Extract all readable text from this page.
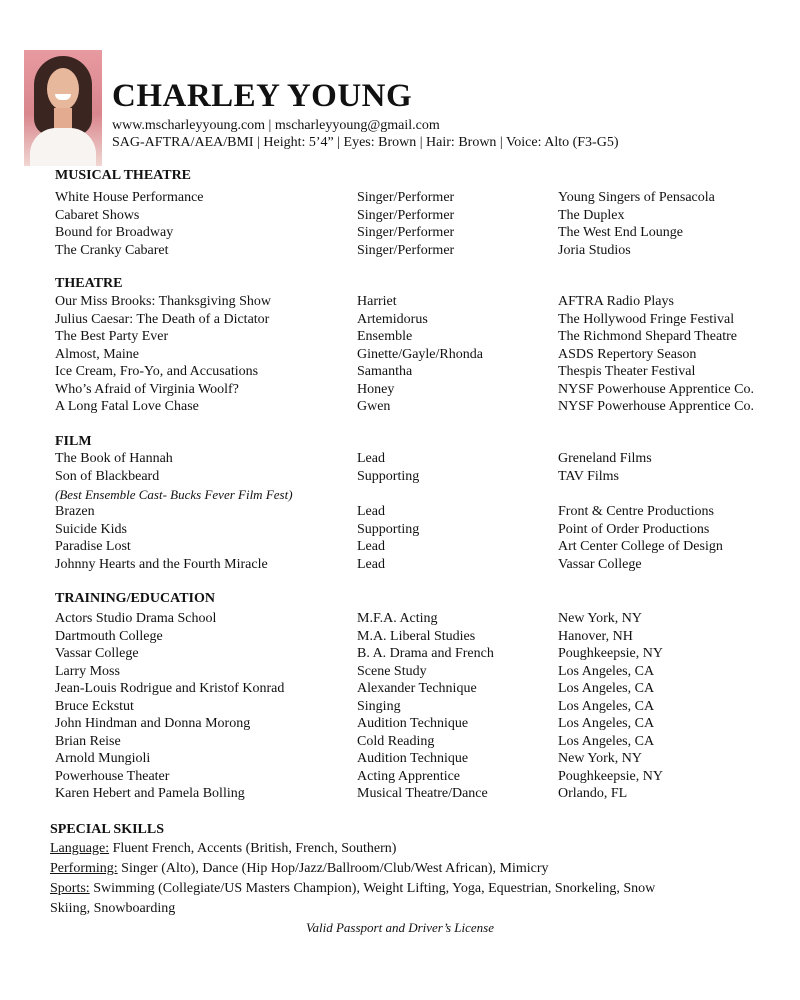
CHARLEY YOUNG
www.mscharleyyoung.com | mscharleyyoung@gmail.com
SAG-AFTRA/AEA/BMI | Height: 5’4” | Eyes: Brown | Hair: Brown | Voice: Alto (F3-G5)
MUSICAL THEATRE
White House Performance	Singer/Performer	Young Singers of Pensacola
Cabaret Shows	Singer/Performer	The Duplex
Bound for Broadway	Singer/Performer	The West End Lounge
The Cranky Cabaret	Singer/Performer	Joria Studios
THEATRE
Our Miss Brooks: Thanksgiving Show	Harriet	AFTRA Radio Plays
Julius Caesar: The Death of a Dictator	Artemidorus	The Hollywood Fringe Festival
The Best Party Ever	Ensemble	The Richmond Shepard Theatre
Almost, Maine	Ginette/Gayle/Rhonda	ASDS Repertory Season
Ice Cream, Fro-Yo, and Accusations	Samantha	Thespis Theater Festival
Who’s Afraid of Virginia Woolf?	Honey	NYSF Powerhouse Apprentice Co.
A Long Fatal Love Chase	Gwen	NYSF Powerhouse Apprentice Co.
FILM
The Book of Hannah	Lead	Greneland Films
Son of Blackbeard	Supporting	TAV Films
(Best Ensemble Cast- Bucks Fever Film Fest)
Brazen	Lead	Front & Centre Productions
Suicide Kids	Supporting	Point of Order Productions
Paradise Lost	Lead	Art Center College of Design
Johnny Hearts and the Fourth Miracle	Lead	Vassar College
TRAINING/EDUCATION
Actors Studio Drama School	M.F.A. Acting	New York, NY
Dartmouth College	M.A. Liberal Studies	Hanover, NH
Vassar College	B. A. Drama and French	Poughkeepsie, NY
Larry Moss	Scene Study	Los Angeles, CA
Jean-Louis Rodrigue and Kristof Konrad	Alexander Technique	Los Angeles, CA
Bruce Eckstut	Singing	Los Angeles, CA
John Hindman and Donna Morong	Audition Technique	Los Angeles, CA
Brian Reise	Cold Reading	Los Angeles, CA
Arnold Mungioli	Audition Technique	New York, NY
Powerhouse Theater	Acting Apprentice	Poughkeepsie, NY
Karen Hebert and Pamela Bolling	Musical Theatre/Dance	Orlando, FL
SPECIAL SKILLS
Language: Fluent French, Accents (British, French, Southern)
Performing: Singer (Alto), Dance (Hip Hop/Jazz/Ballroom/Club/West African), Mimicry
Sports: Swimming (Collegiate/US Masters Champion), Weight Lifting, Yoga, Equestrian, Snorkeling, Snow
Skiing, Snowboarding
Valid Passport and Driver’s License
